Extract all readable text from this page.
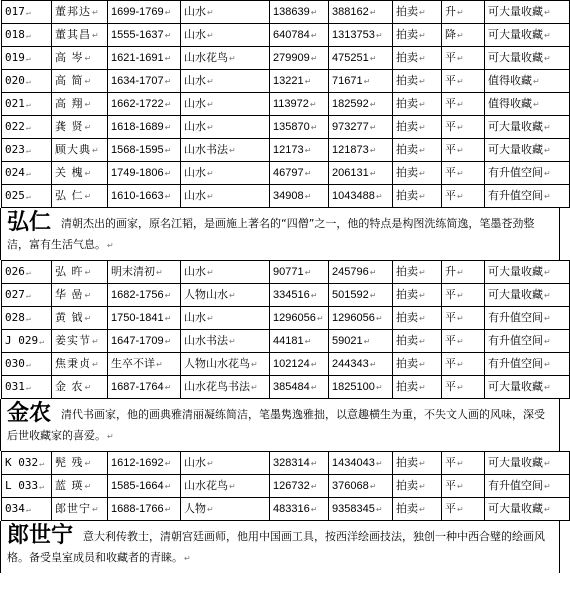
017↵	董邦达↵	1699-1769↵	山水↵	138639↵	388162↵	拍卖↵	升↵	可大量收藏↵
018↵	董其昌↵	1555-1637↵	山水↵	640784↵	1313753↵	拍卖↵	降↵	可大量收藏↵
019↵	高 岑↵	1621-1691↵	山水花鸟↵	279909↵	475251↵	拍卖↵	平↵	可大量收藏↵
020↵	高 简↵	1634-1707↵	山水↵	13221↵	71671↵	拍卖↵	平↵	值得收藏↵
021↵	高 翔↵	1662-1722↵	山水↵	113972↵	182592↵	拍卖↵	平↵	值得收藏↵
022↵	龚 贤↵	1618-1689↵	山水↵	135870↵	973277↵	拍卖↵	平↵	可大量收藏↵
023↵	顾大典↵	1568-1595↵	山水书法↵	12173↵	121873↵	拍卖↵	平↵	可大量收藏↵
024↵	关 槐↵	1749-1806↵	山水↵	46797↵	206131↵	拍卖↵	平↵	有升值空间↵
025↵	弘 仁↵	1610-1663↵	山水↵	34908↵	1043488↵	拍卖↵	平↵	有升值空间↵
弘仁 清朝杰出的画家，原名江韬，是画施上著名的“四僧”之一，他的特点是构图洗练简逸，笔墨苍劲整洁，富有生活气息。↵
026↵	弘 旿↵	明末清初↵	山水↵	90771↵	245796↵	拍卖↵	升↵	可大量收藏↵
027↵	华 喦↵	1682-1756↵	人物山水↵	334516↵	501592↵	拍卖↵	平↵	可大量收藏↵
028↵	黄 钺↵	1750-1841↵	山水↵	1296056↵	1296056↵	拍卖↵	平↵	有升值空间↵
J 029↵	姜实节↵	1647-1709↵	山水书法↵	44181↵	59021↵	拍卖↵	平↵	有升值空间↵
030↵	焦秉贞↵	生卒不详↵	人物山水花鸟↵	102124↵	244343↵	拍卖↵	平↵	有升值空间↵
031↵	金 农↵	1687-1764↵	山水花鸟书法↵	385484↵	1825100↵	拍卖↵	平↵	可大量收藏↵
金农 清代书画家，他的画典雅清丽凝练简洁，笔墨隽逸雅拙，以意趣横生为重，不失文人画的风味，深受后世收藏家的喜爱。↵
K 032↵	髡 残↵	1612-1692↵	山水↵	328314↵	1434043↵	拍卖↵	平↵	可大量收藏↵
L 033↵	蓝 瑛↵	1585-1664↵	山水花鸟↵	126732↵	376068↵	拍卖↵	平↵	有升值空间↵
034↵	郎世宁↵	1688-1766↵	人物↵	483316↵	9358345↵	拍卖↵	平↵	可大量收藏↵
郎世宁 意大利传教士，清朝宫廷画师，他用中国画工具，按西洋绘画技法，独创一种中西合璧的绘画风格。备受皇室成员和收藏者的青睐。↵
